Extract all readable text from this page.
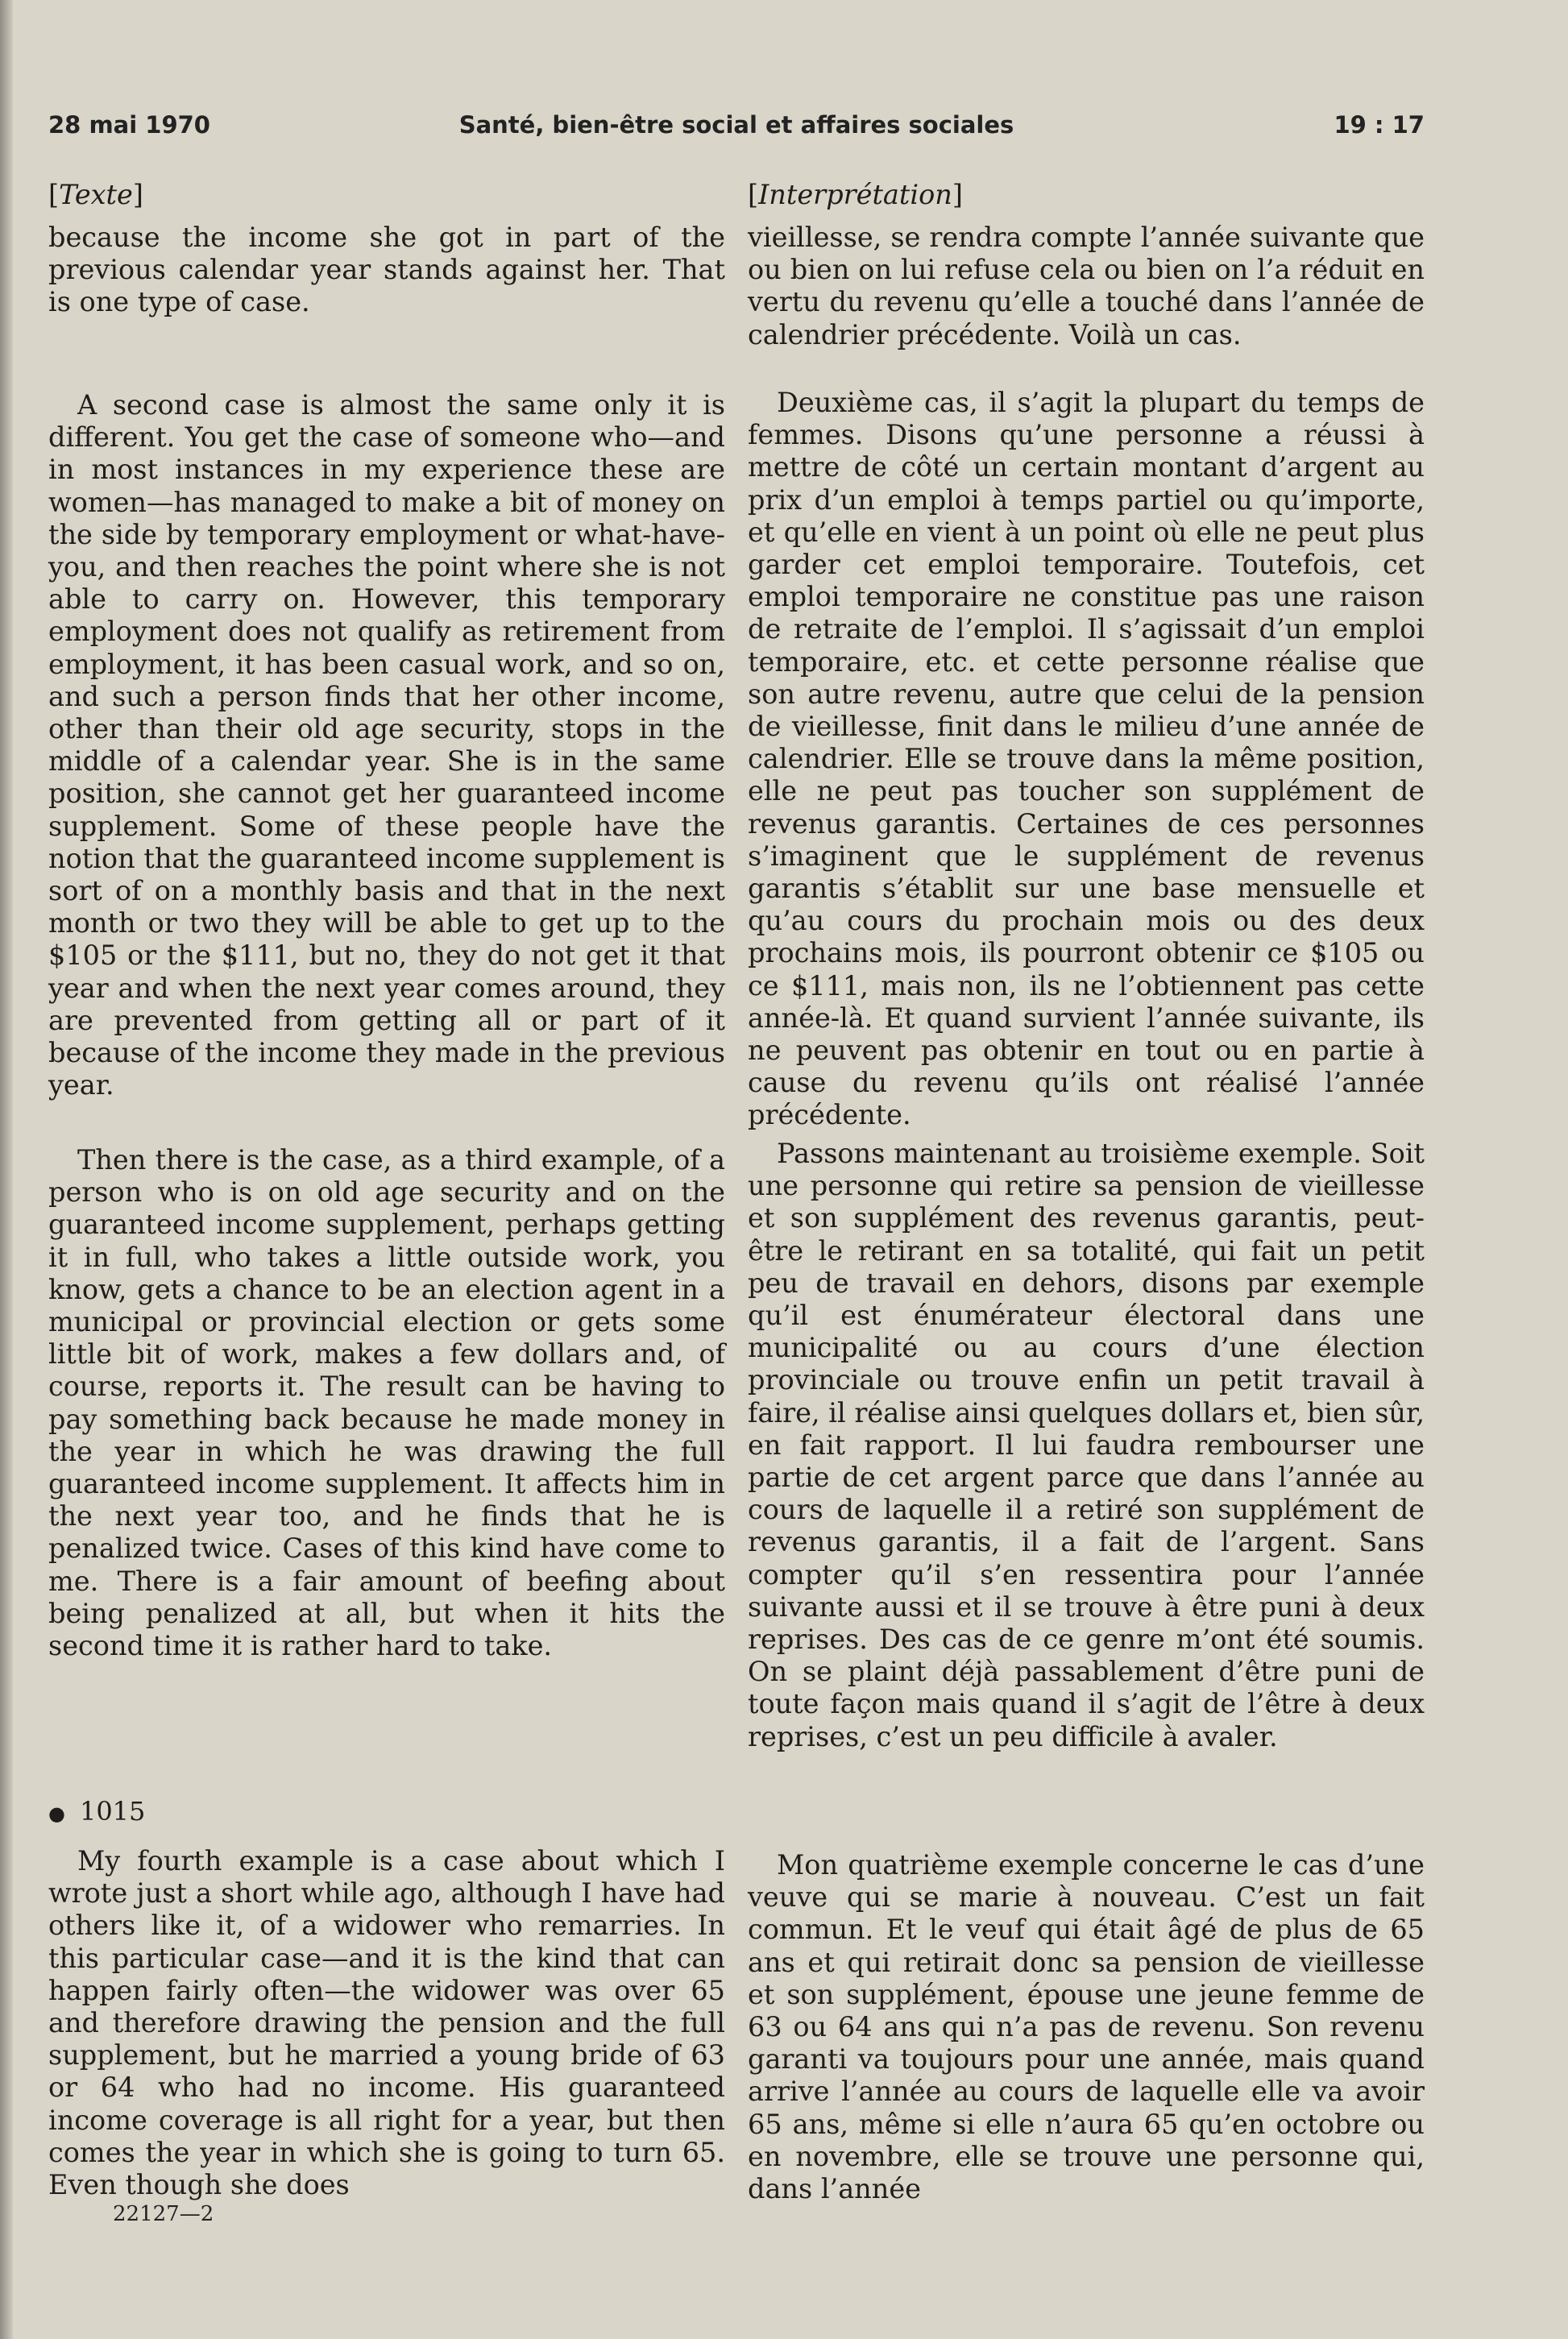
28 mai 1970	Santé, bien-être social et affaires sociales	19 : 17
[Texte]

because the income she got in part of the previous calendar year stands against her. That is one type of case.

A second case is almost the same only it is different. You get the case of someone who—and in most instances in my experience these are women—has managed to make a bit of money on the side by temporary employment or what-have-you, and then reaches the point where she is not able to carry on. However, this temporary employment does not qualify as retirement from employment, it has been casual work, and so on, and such a person finds that her other income, other than their old age security, stops in the middle of a calendar year. She is in the same position, she cannot get her guaranteed income supplement. Some of these people have the notion that the guaranteed income supplement is sort of on a monthly basis and that in the next month or two they will be able to get up to the $105 or the $111, but no, they do not get it that year and when the next year comes around, they are prevented from getting all or part of it because of the income they made in the previous year.

Then there is the case, as a third example, of a person who is on old age security and on the guaranteed income supplement, perhaps getting it in full, who takes a little outside work, you know, gets a chance to be an election agent in a municipal or provincial election or gets some little bit of work, makes a few dollars and, of course, reports it. The result can be having to pay something back because he made money in the year in which he was drawing the full guaranteed income supplement. It affects him in the next year too, and he finds that he is penalized twice. Cases of this kind have come to me. There is a fair amount of beefing about being penalized at all, but when it hits the second time it is rather hard to take.

● 1015

My fourth example is a case about which I wrote just a short while ago, although I have had others like it, of a widower who remarries. In this particular case—and it is the kind that can happen fairly often—the widower was over 65 and therefore drawing the pension and the full supplement, but he married a young bride of 63 or 64 who had no income. His guaranteed income coverage is all right for a year, but then comes the year in which she is going to turn 65. Even though she does

[Interprétation]

vieillesse, se rendra compte l’année suivante que ou bien on lui refuse cela ou bien on l’a réduit en vertu du revenu qu’elle a touché dans l’année de calendrier précédente. Voilà un cas.

Deuxième cas, il s’agit la plupart du temps de femmes. Disons qu’une personne a réussi à mettre de côté un certain montant d’argent au prix d’un emploi à temps partiel ou qu’importe, et qu’elle en vient à un point où elle ne peut plus garder cet emploi temporaire. Toutefois, cet emploi temporaire ne constitue pas une raison de retraite de l’emploi. Il s’agissait d’un emploi temporaire, etc. et cette personne réalise que son autre revenu, autre que celui de la pension de vieillesse, finit dans le milieu d’une année de calendrier. Elle se trouve dans la même position, elle ne peut pas toucher son supplément de revenus garantis. Certaines de ces personnes s’imaginent que le supplément de revenus garantis s’établit sur une base mensuelle et qu’au cours du prochain mois ou des deux prochains mois, ils pourront obtenir ce $105 ou ce $111, mais non, ils ne l’obtiennent pas cette année-là. Et quand survient l’année suivante, ils ne peuvent pas obtenir en tout ou en partie à cause du revenu qu’ils ont réalisé l’année précédente.

Passons maintenant au troisième exemple. Soit une personne qui retire sa pension de vieillesse et son supplément des revenus garantis, peut-être le retirant en sa totalité, qui fait un petit peu de travail en dehors, disons par exemple qu’il est énumérateur électoral dans une municipalité ou au cours d’une élection provinciale ou trouve enfin un petit travail à faire, il réalise ainsi quelques dollars et, bien sûr, en fait rapport. Il lui faudra rembourser une partie de cet argent parce que dans l’année au cours de laquelle il a retiré son supplément de revenus garantis, il a fait de l’argent. Sans compter qu’il s’en ressentira pour l’année suivante aussi et il se trouve à être puni à deux reprises. Des cas de ce genre m’ont été soumis. On se plaint déjà passablement d’être puni de toute façon mais quand il s’agit de l’être à deux reprises, c’est un peu difficile à avaler.

Mon quatrième exemple concerne le cas d’une veuve qui se marie à nouveau. C’est un fait commun. Et le veuf qui était âgé de plus de 65 ans et qui retirait donc sa pension de vieillesse et son supplément, épouse une jeune femme de 63 ou 64 ans qui n’a pas de revenu. Son revenu garanti va toujours pour une année, mais quand arrive l’année au cours de laquelle elle va avoir 65 ans, même si elle n’aura 65 qu’en octobre ou en novembre, elle se trouve une personne qui, dans l’année

22127—2
